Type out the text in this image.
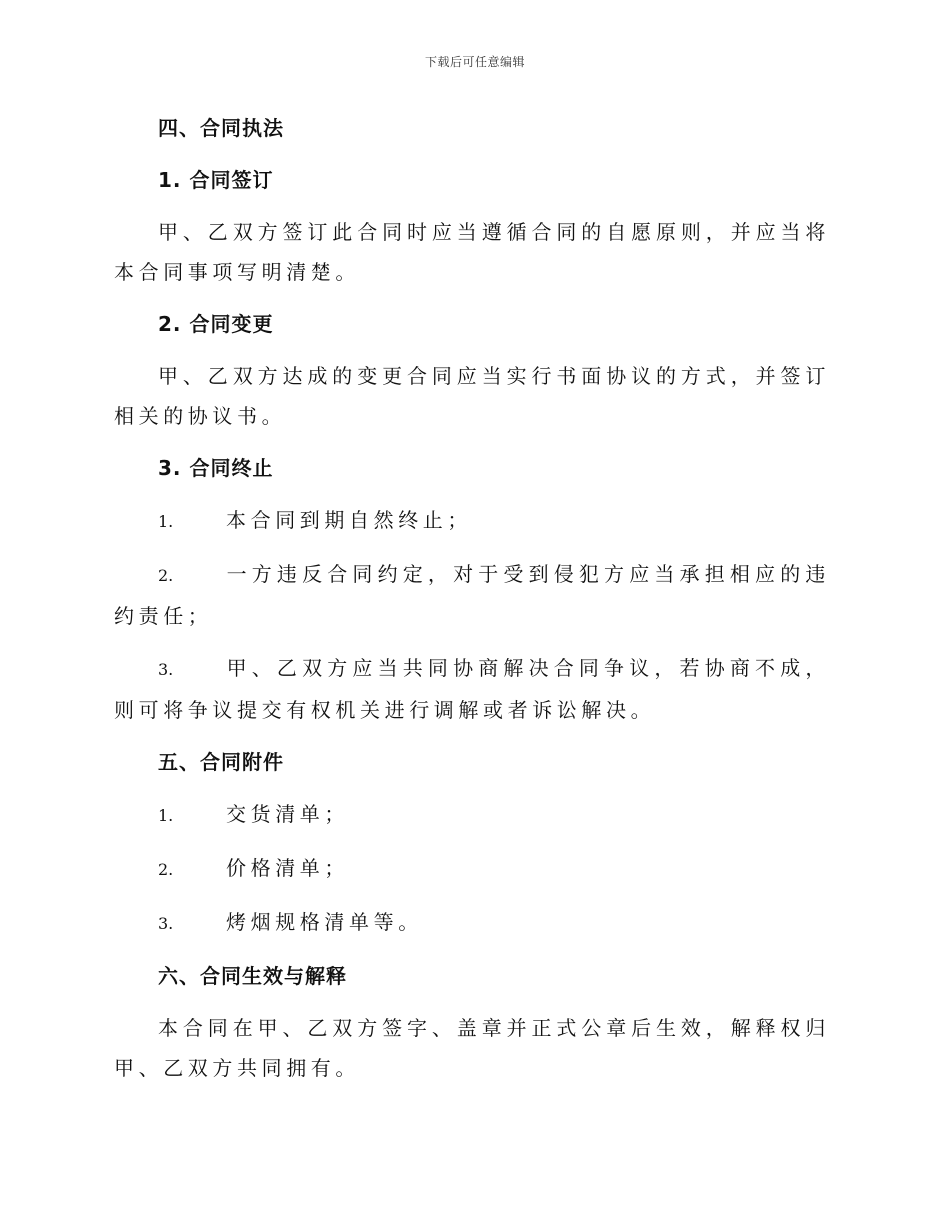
下载后可任意编辑
四、合同执法
1. 合同签订

甲、乙双方签订此合同时应当遵循合同的自愿原则，并应当将本合同事项写明清楚。

2. 合同变更

甲、乙双方达成的变更合同应当实行书面协议的方式，并签订相关的协议书。

3. 合同终止

1.	本合同到期自然终止；

2.	一方违反合同约定，对于受到侵犯方应当承担相应的违约责任；

3.	甲、乙双方应当共同协商解决合同争议，若协商不成，则可将争议提交有权机关进行调解或者诉讼解决。

五、合同附件

1.	交货清单；

2.	价格清单；

3.	烤烟规格清单等。

六、合同生效与解释

本合同在甲、乙双方签字、盖章并正式公章后生效，解释权归甲、乙双方共同拥有。
